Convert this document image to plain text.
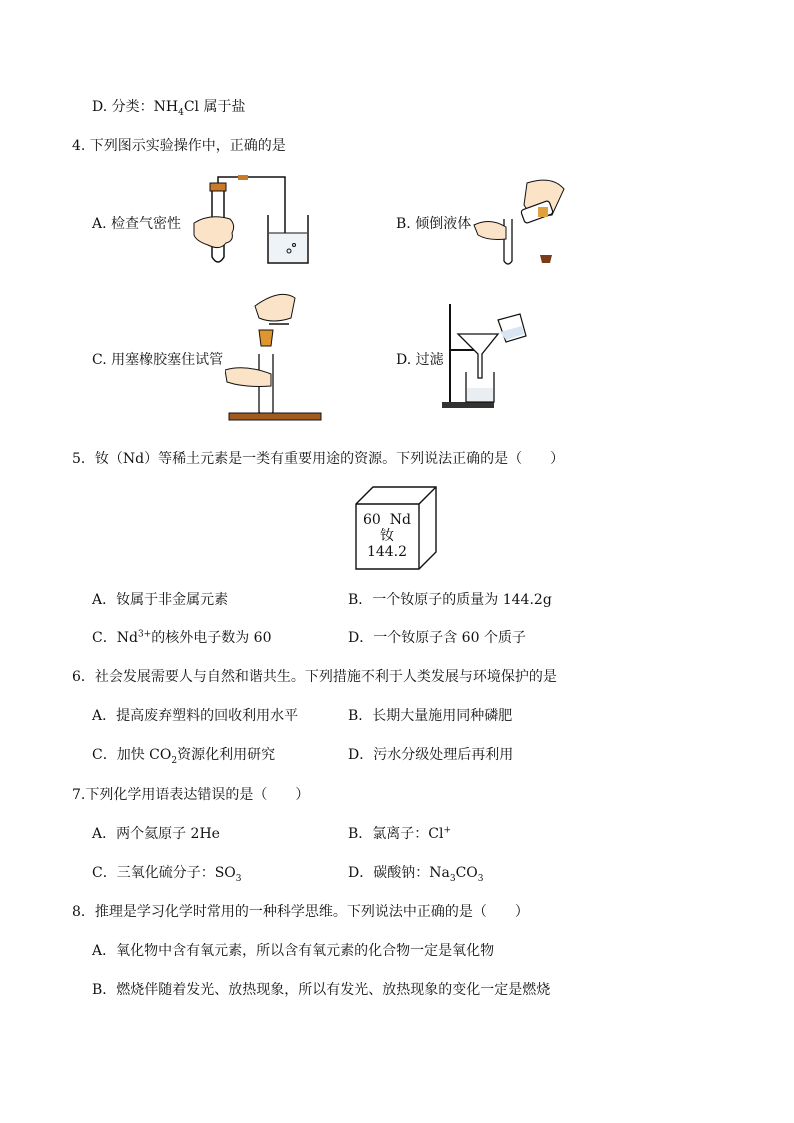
D. 分类：$NH_4Cl$ 属于盐
4. 下列图示实验操作中，正确的是
A. 检查气密性	B. 倾倒液体
C. 用塞橡胶塞住试管	D. 过滤
5．钕（Nd）等稀土元素是一类有重要用途的资源。下列说法正确的是（　　）
60 Nd
钕
144.2
A．钕属于非金属元素	B．一个钕原子的质量为 144.2g
C．$Nd^{3+}$的核外电子数为 60	D．一个钕原子含 60 个质子
6．社会发展需要人与自然和谐共生。下列措施不利于人类发展与环境保护的是
A．提高废弃塑料的回收利用水平	B．长期大量施用同种磷肥
C．加快 $CO_2$资源化利用研究	D．污水分级处理后再利用
7.下列化学用语表达错误的是（　　）
A．两个氦原子 2He	B．氯离子：Cl+
C．三氧化硫分子：$SO_3$	D．碳酸钠：$Na_3CO_3$
8．推理是学习化学时常用的一种科学思维。下列说法中正确的是（　　）
A．氧化物中含有氧元素，所以含有氧元素的化合物一定是氧化物
B．燃烧伴随着发光、放热现象，所以有发光、放热现象的变化一定是燃烧
